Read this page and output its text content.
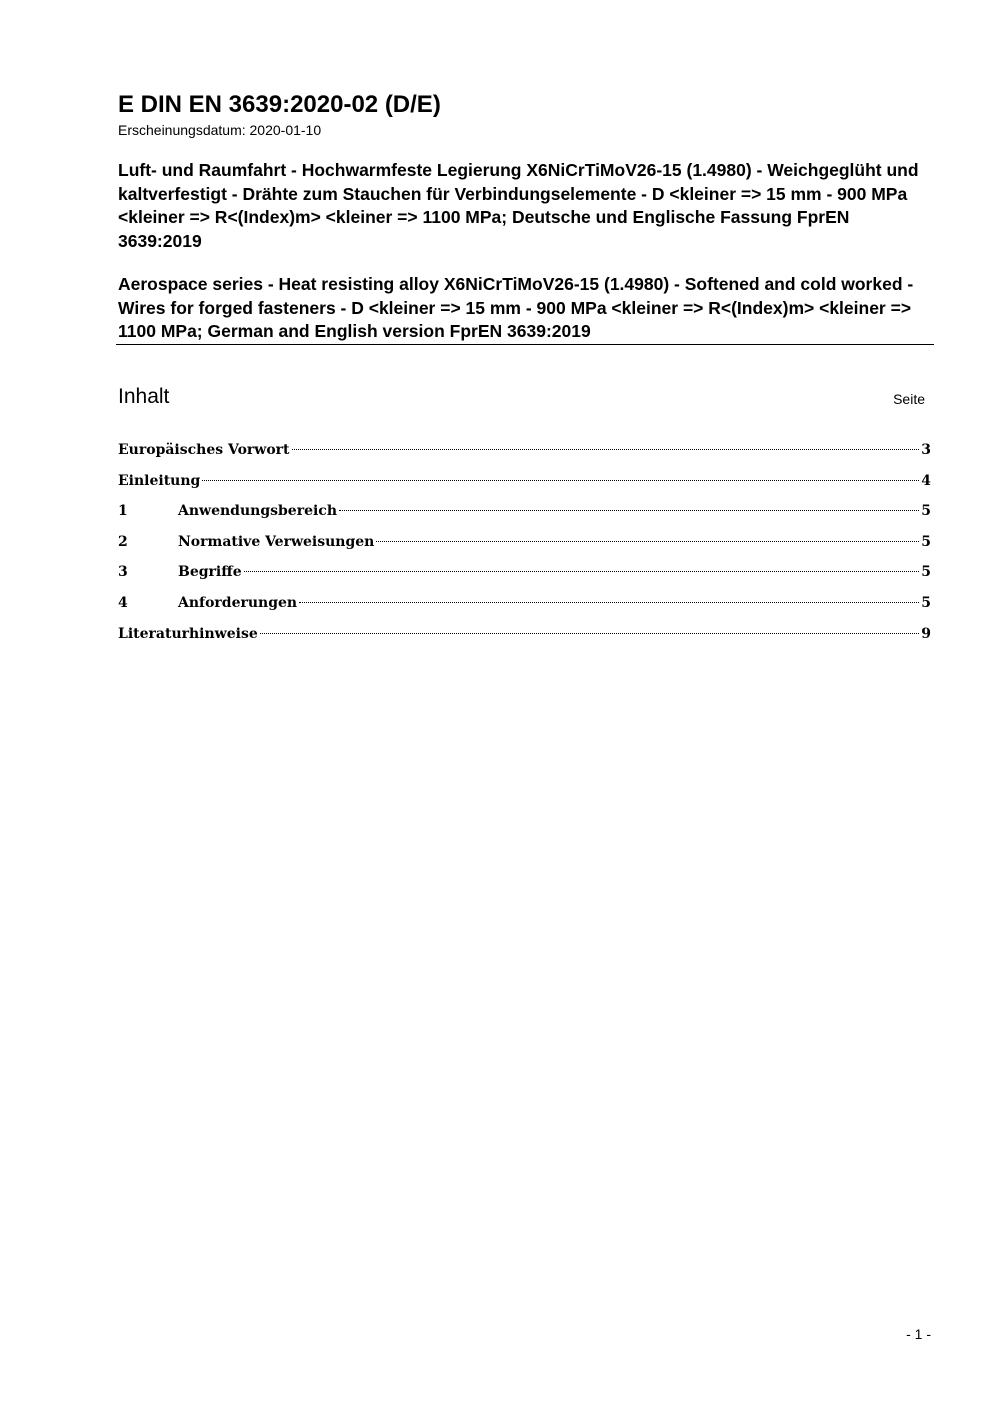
E DIN EN 3639:2020-02 (D/E)
Erscheinungsdatum: 2020-01-10
Luft- und Raumfahrt - Hochwarmfeste Legierung X6NiCrTiMoV26-15 (1.4980) - Weichgeglüht und kaltverfestigt - Drähte zum Stauchen für Verbindungselemente - D <kleiner => 15 mm - 900 MPa <kleiner => R<(Index)m> <kleiner => 1100 MPa; Deutsche und Englische Fassung FprEN 3639:2019
Aerospace series - Heat resisting alloy X6NiCrTiMoV26-15 (1.4980) - Softened and cold worked - Wires for forged fasteners - D <kleiner => 15 mm - 900 MPa <kleiner => R<(Index)m> <kleiner => 1100 MPa; German and English version FprEN 3639:2019
Inhalt	Seite
Europäisches Vorwort	3
Einleitung	4
1	Anwendungsbereich	5
2	Normative Verweisungen	5
3	Begriffe	5
4	Anforderungen	5
Literaturhinweise	9
- 1 -
